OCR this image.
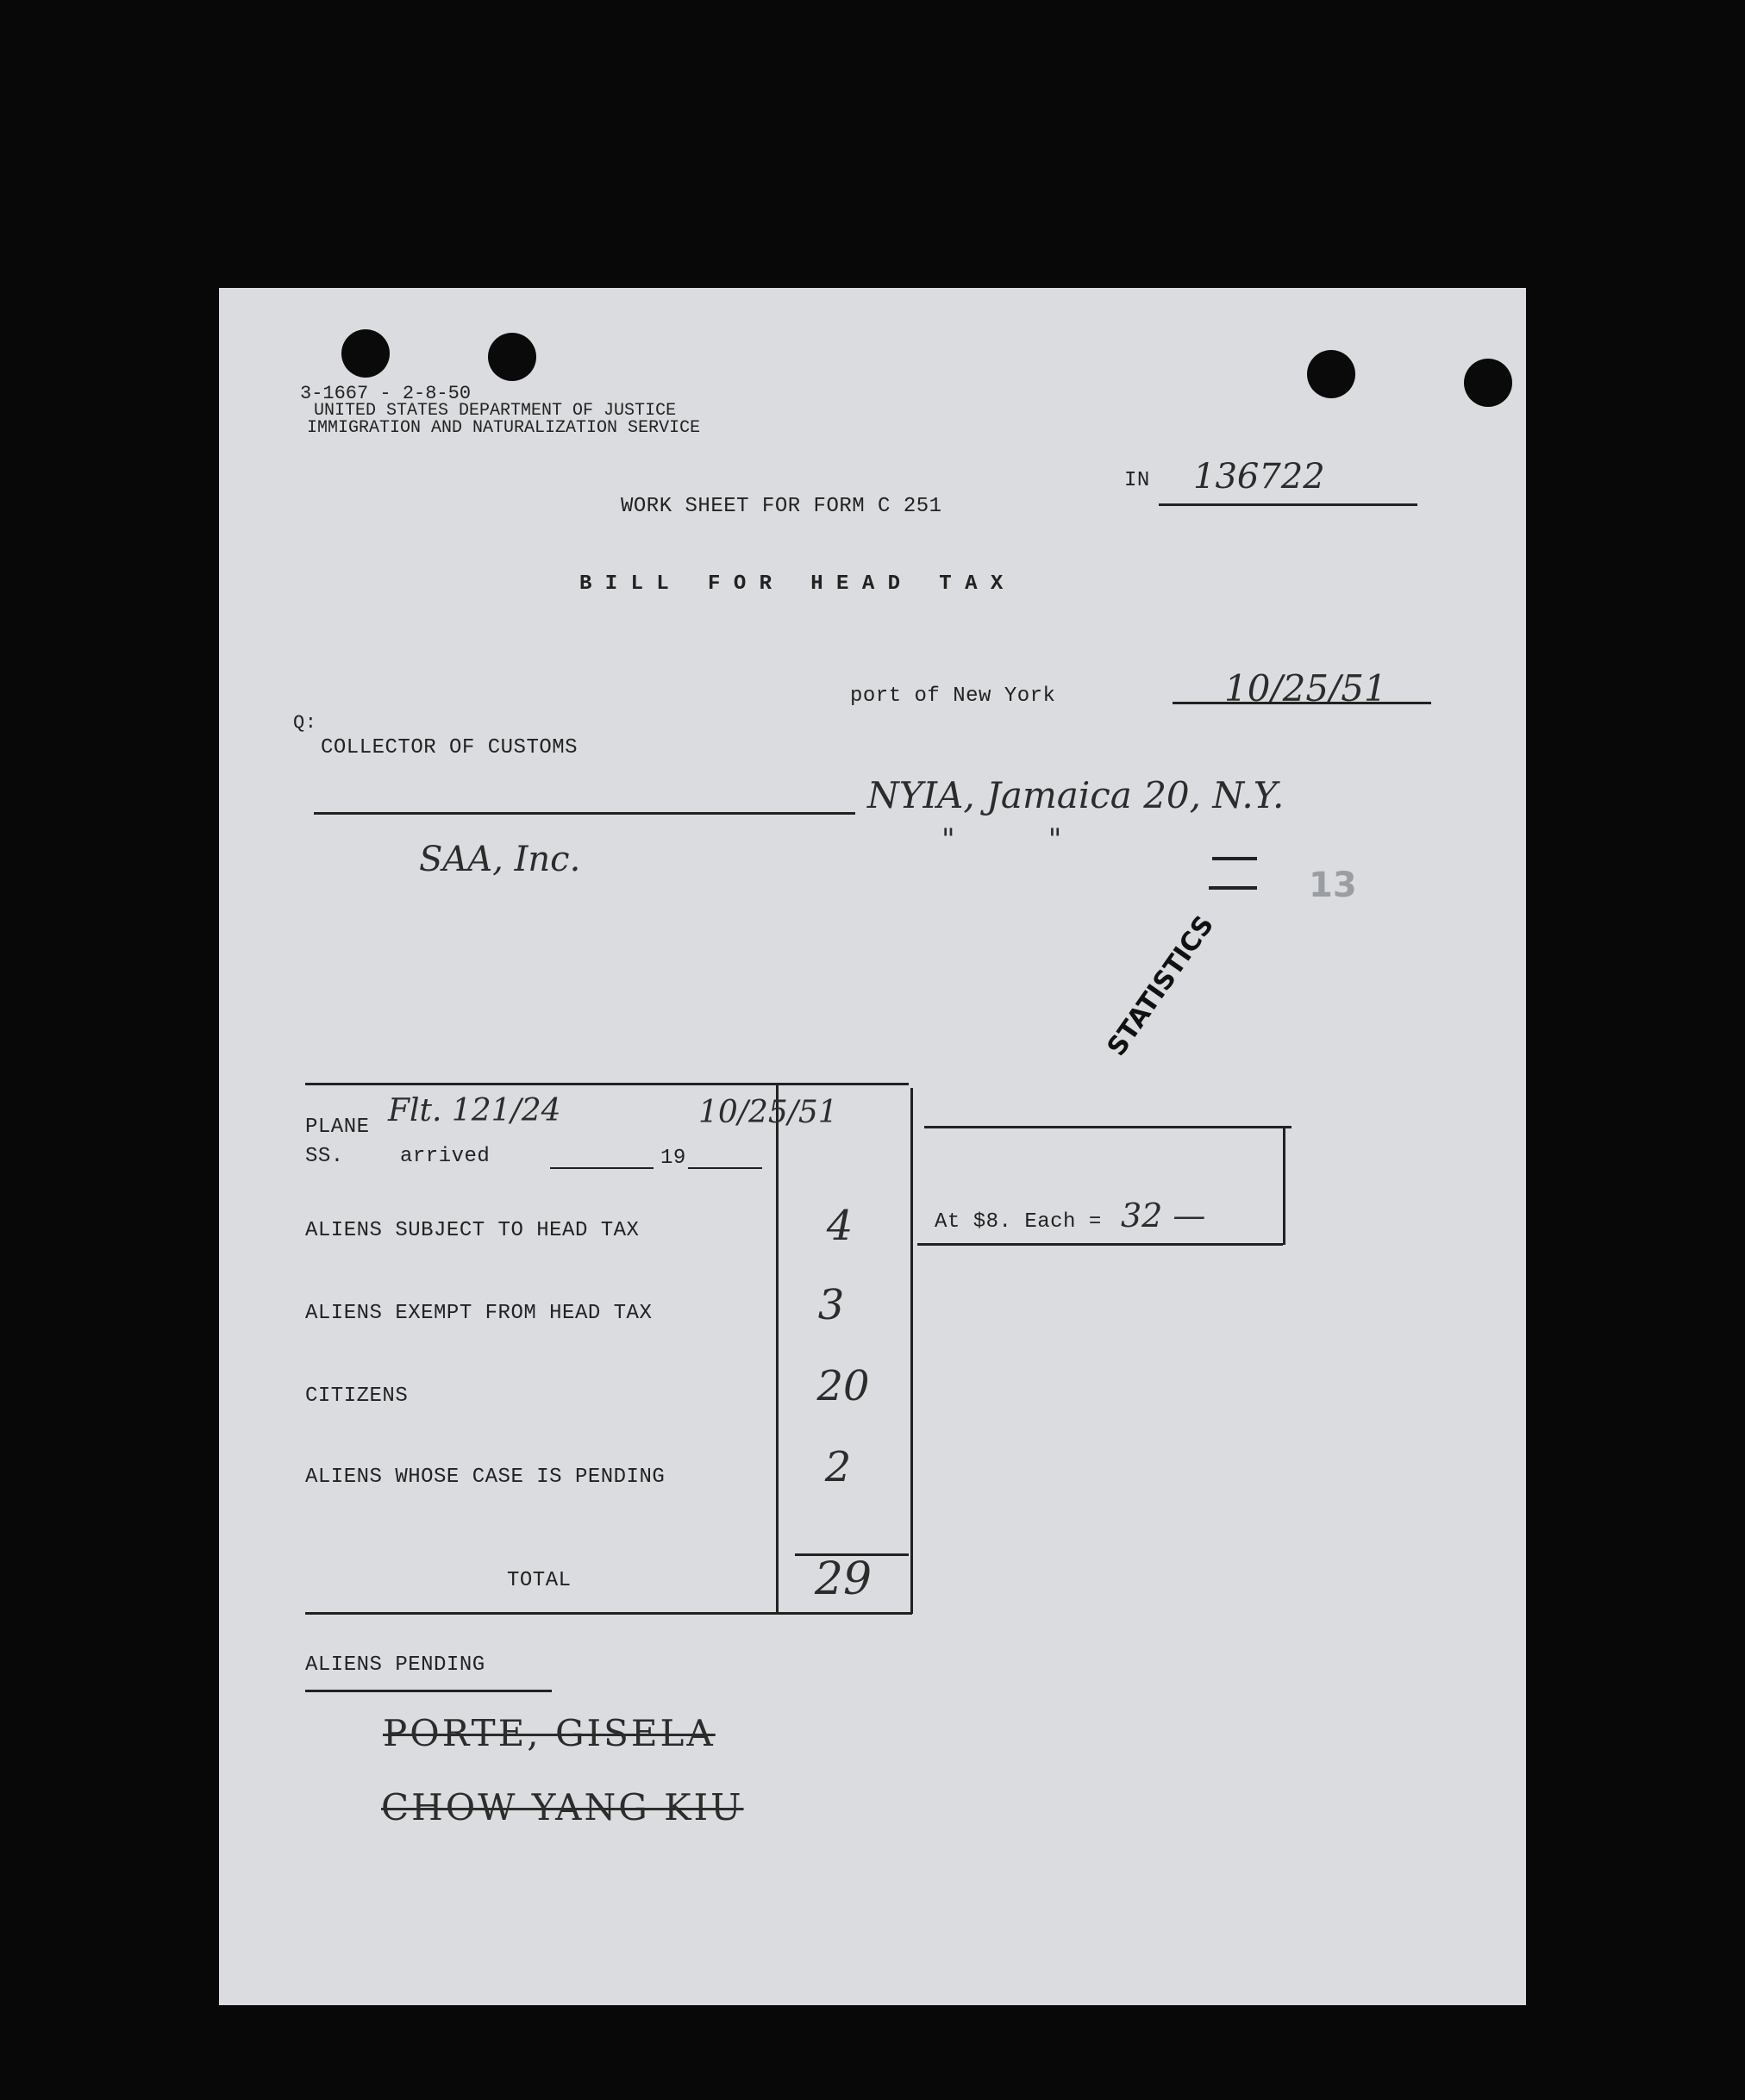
3-1667 - 2-8-50
UNITED STATES DEPARTMENT OF JUSTICE
IMMIGRATION AND NATURALIZATION SERVICE
IN 136722
WORK SHEET FOR FORM C 251
B I L L   F O R   H E A D   T A X
port of New York	10/25/51
Q:
COLLECTOR OF CUSTOMS
NYIA, Jamaica 20, N.Y.
SAA, Inc.	"          "
13
STATISTICS
PLANE Flt. 121/24	10/25/51
SS.	arrived	19
ALIENS SUBJECT TO HEAD TAX	4
ALIENS EXEMPT FROM HEAD TAX	3
CITIZENS	20
ALIENS WHOSE CASE IS PENDING	2
TOTAL	29
At $8. Each = 32 —
ALIENS PENDING
PORTE, GISELA
CHOW YANG KIU
